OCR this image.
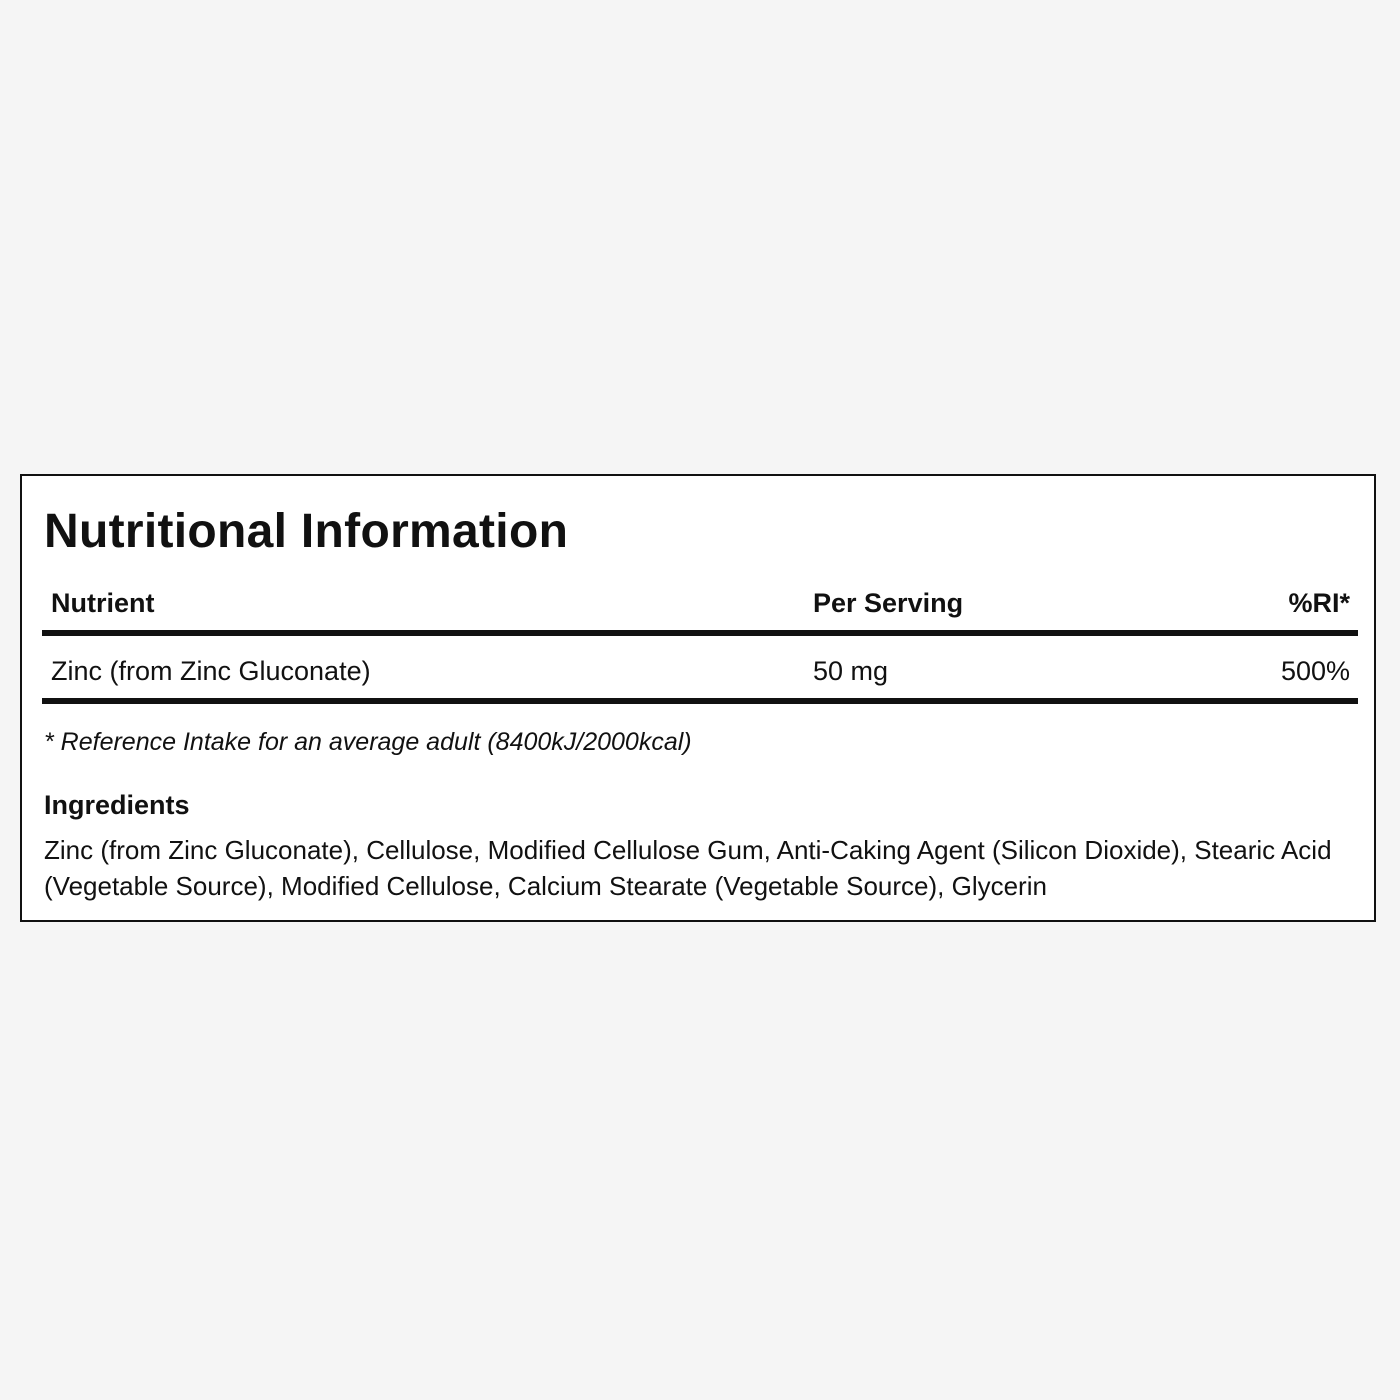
Nutritional Information
Nutrient	Per Serving	%RI*
Zinc (from Zinc Gluconate)	50 mg	500%
* Reference Intake for an average adult (8400kJ/2000kcal)
Ingredients
Zinc (from Zinc Gluconate), Cellulose, Modified Cellulose Gum, Anti-Caking Agent (Silicon Dioxide), Stearic Acid (Vegetable Source), Modified Cellulose, Calcium Stearate (Vegetable Source), Glycerin
